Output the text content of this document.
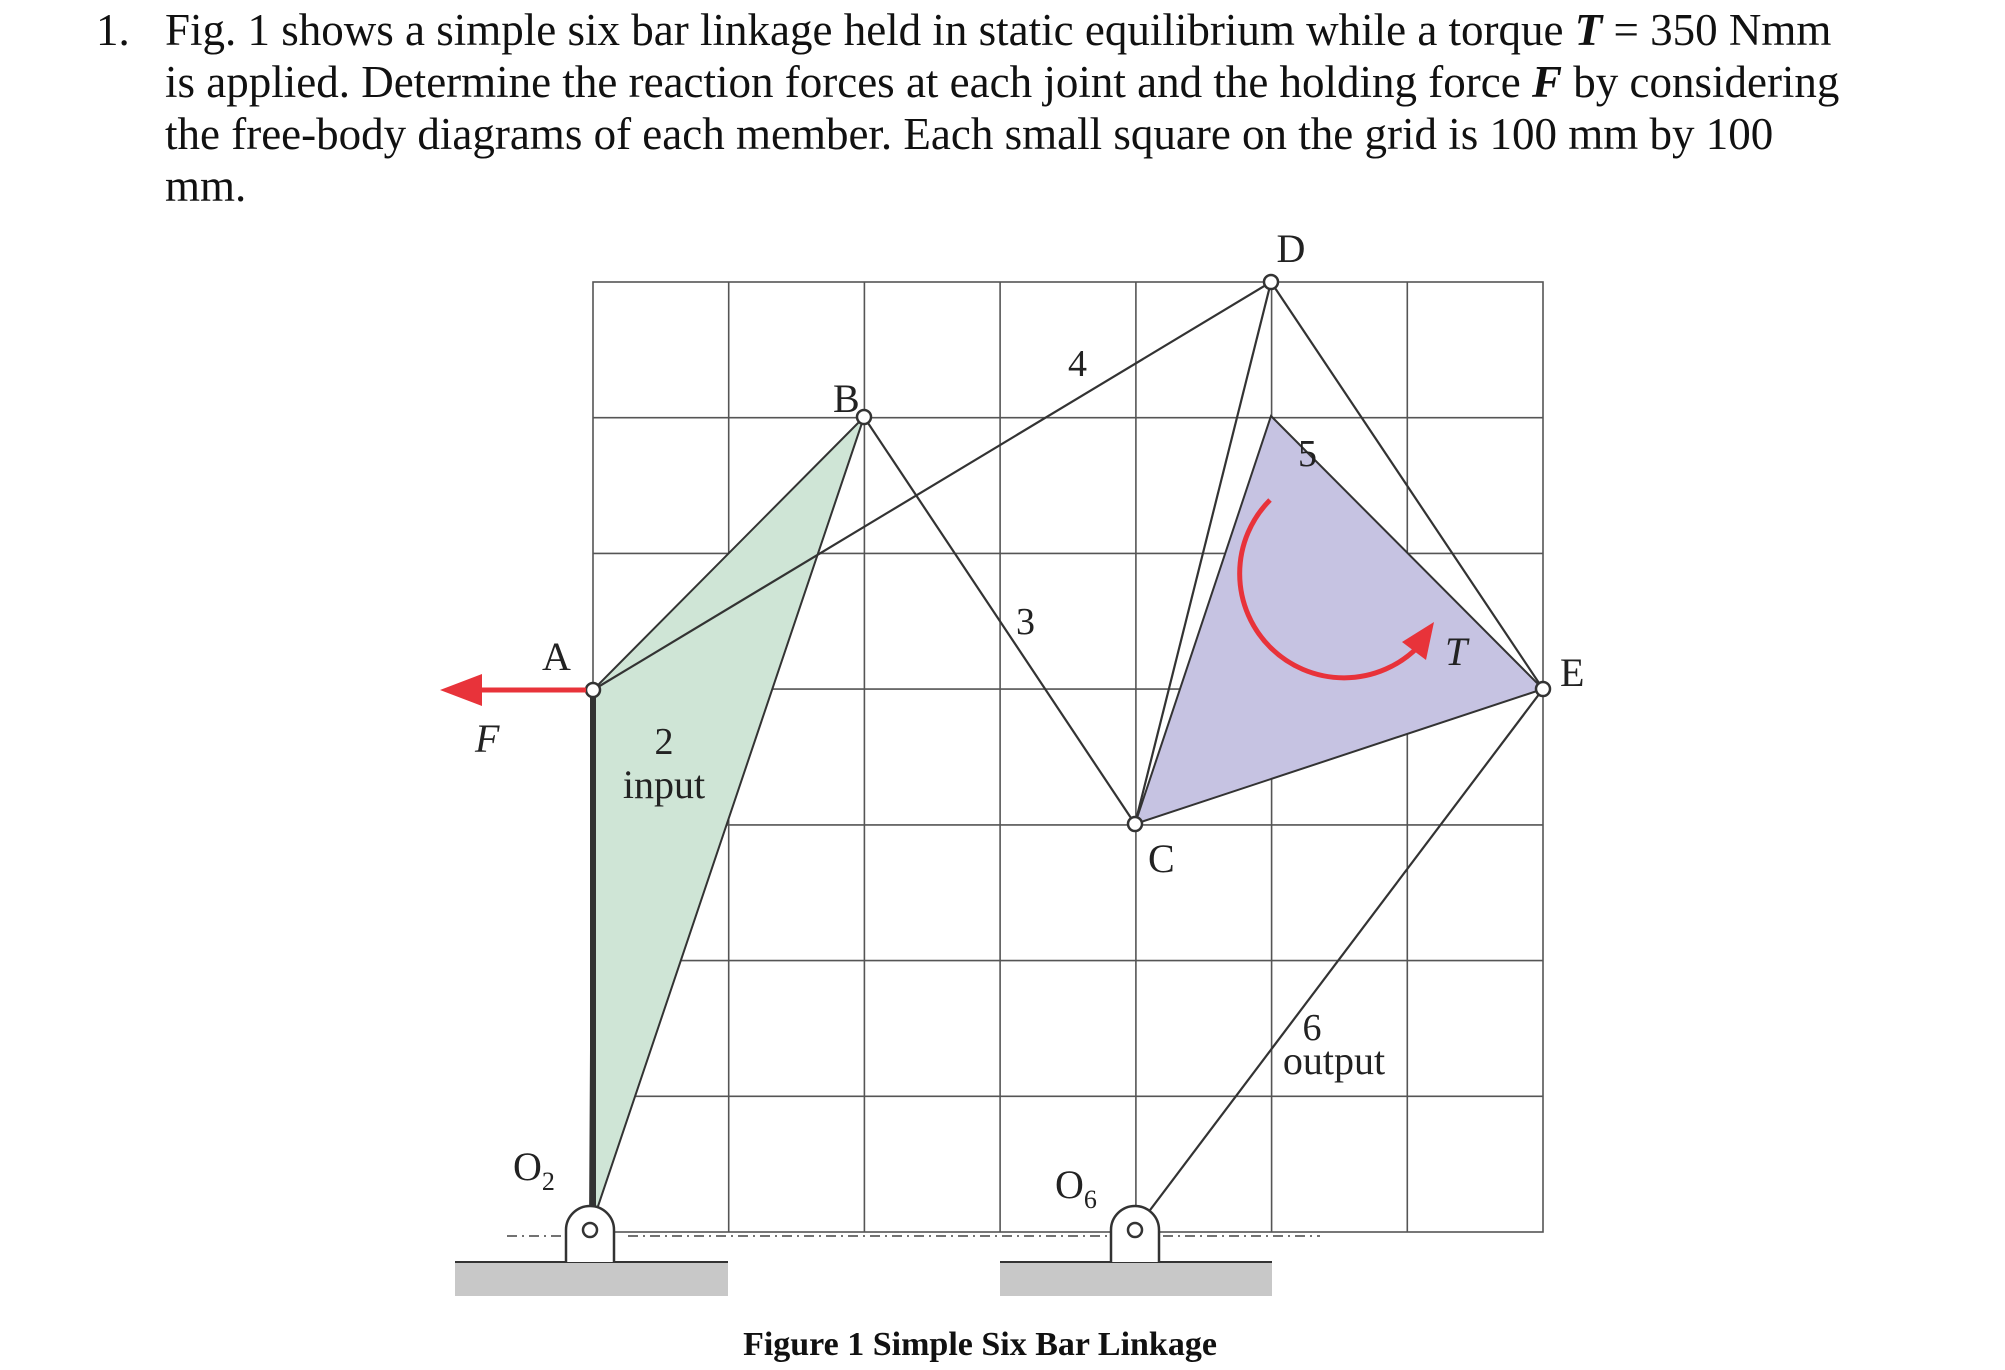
1. Fig. 1 shows a simple six bar linkage held in static equilibrium while a torque T = 350 Nmm
is applied. Determine the reaction forces at each joint and the holding force F by considering
the free-body diagrams of each member. Each small square on the grid is 100 mm by 100
mm.
D
B
4
5
3
A	T E
F	2
input
C
6
output
$O_2$	$O_6$
Figure 1 Simple Six Bar Linkage
